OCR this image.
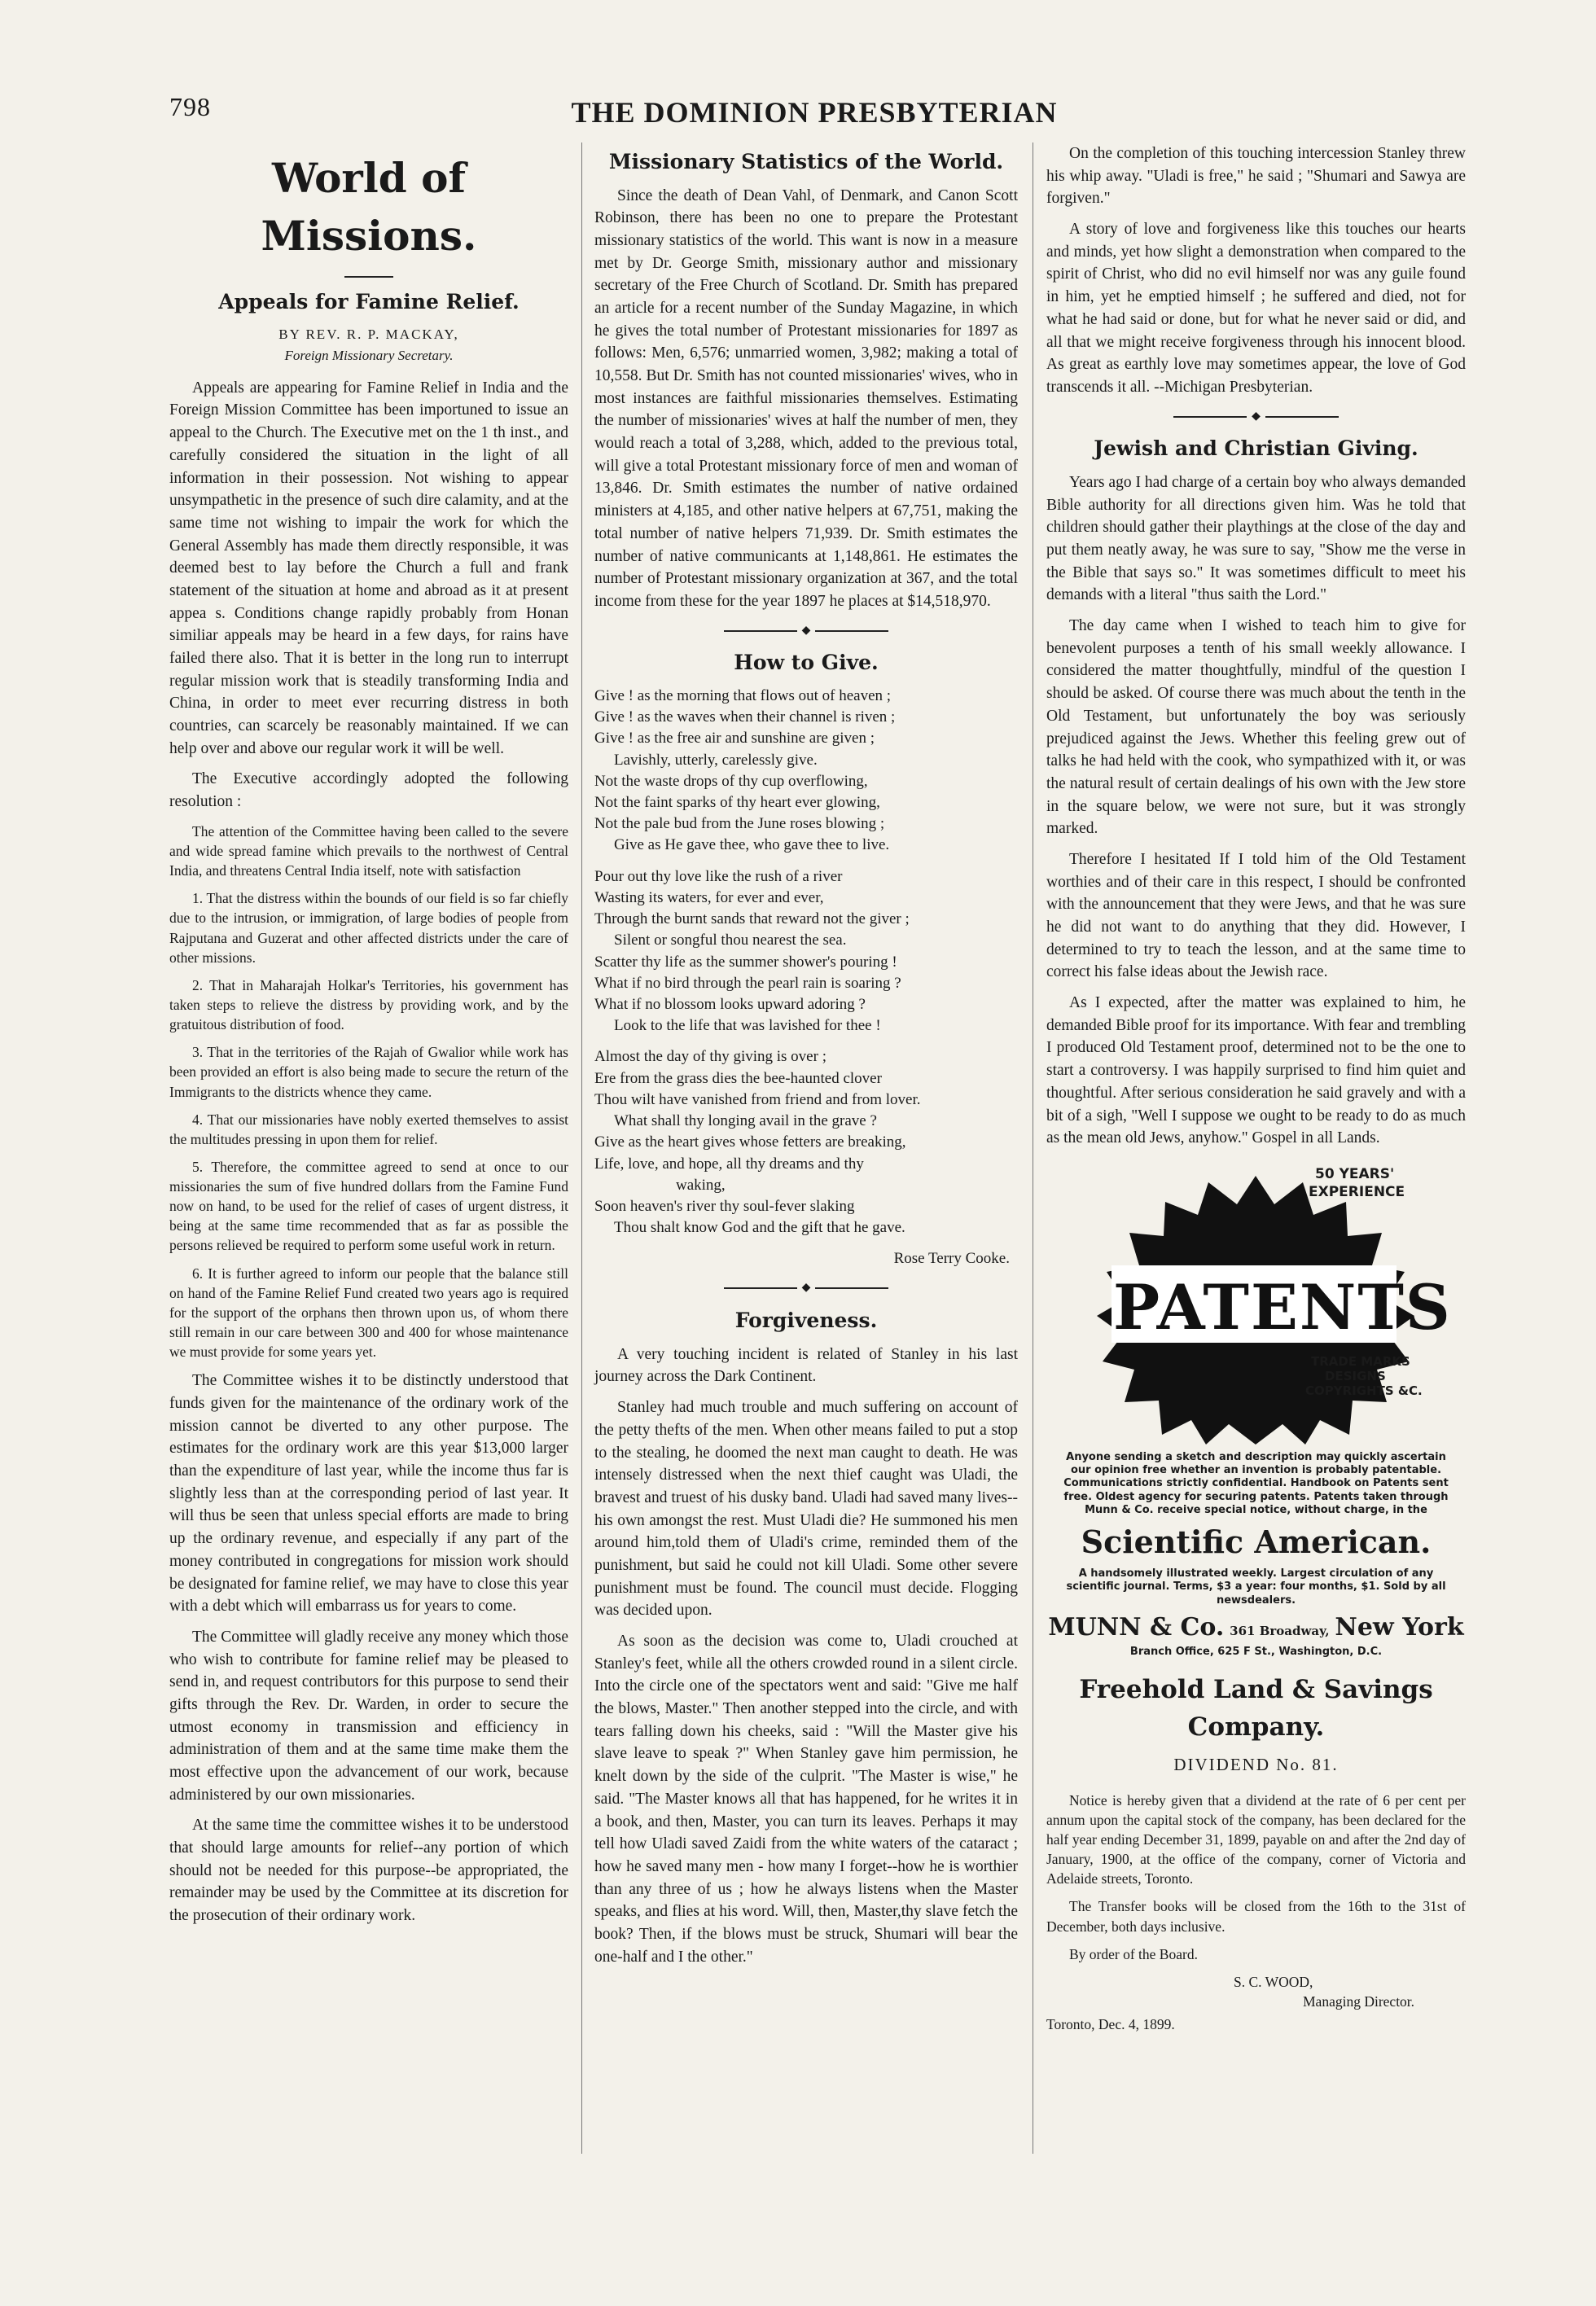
798	THE DOMINION PRESBYTERIAN
World of Missions.
Appeals for Famine Relief.
BY REV. R. P. MACKAY,
Foreign Missionary Secretary.

Appeals are appearing for Famine Relief in India and the Foreign Mission Committee has been importuned to issue an appeal to the Church. The Executive met on the 1 th inst., and carefully considered the situation in the light of all information in their possession. Not wishing to appear unsympathetic in the presence of such dire calamity, and at the same time not wishing to impair the work for which the General Assembly has made them directly responsible, it was deemed best to lay before the Church a full and frank statement of the situation at home and abroad as it at present appea s. Conditions change rapidly probably from Honan similiar appeals may be heard in a few days, for rains have failed there also. That it is better in the long run to interrupt regular mission work that is steadily transforming India and China, in order to meet ever recurring distress in both countries, can scarcely be reasonably maintained. If we can help over and above our regular work it will be well.

The Executive accordingly adopted the following resolution :

The attention of the Committee having been called to the severe and wide spread famine which prevails to the northwest of Central India, and threatens Central India itself, note with satisfaction

1. That the distress within the bounds of our field is so far chiefly due to the intrusion, or immigration, of large bodies of people from Rajputana and Guzerat and other affected districts under the care of other missions.

2. That in Maharajah Holkar's Territories, his government has taken steps to relieve the distress by providing work, and by the gratuitous distribution of food.

3. That in the territories of the Rajah of Gwalior while work has been provided an effort is also being made to secure the return of the Immigrants to the districts whence they came.

4. That our missionaries have nobly exerted themselves to assist the multitudes pressing in upon them for relief.

5. Therefore, the committee agreed to send at once to our missionaries the sum of five hundred dollars from the Famine Fund now on hand, to be used for the relief of cases of urgent distress, it being at the same time recommended that as far as possible the persons relieved be required to perform some useful work in return.

6. It is further agreed to inform our people that the balance still on hand of the Famine Relief Fund created two years ago is required for the support of the orphans then thrown upon us, of whom there still remain in our care between 300 and 400 for whose maintenance we must provide for some years yet.

The Committee wishes it to be distinctly understood that funds given for the maintenance of the ordinary work of the mission cannot be diverted to any other purpose. The estimates for the ordinary work are this year $13,000 larger than the expenditure of last year, while the income thus far is slightly less than at the corresponding period of last year. It will thus be seen that unless special efforts are made to bring up the ordinary revenue, and especially if any part of the money contributed in congregations for mission work should be designated for famine relief, we may have to close this year with a debt which will embarrass us for years to come.

The Committee will gladly receive any money which those who wish to contribute for famine relief may be pleased to send in, and request contributors for this purpose to send their gifts through the Rev. Dr. Warden, in order to secure the utmost economy in transmission and efficiency in administration of them and at the same time make them the most effective upon the advancement of our work, because administered by our own missionaries.

At the same time the committee wishes it to be understood that should large amounts for relief--any portion of which should not be needed for this purpose--be appropriated, the remainder may be used by the Committee at its discretion for the prosecution of their ordinary work.

Missionary Statistics of the World.

Since the death of Dean Vahl, of Denmark, and Canon Scott Robinson, there has been no one to prepare the Protestant missionary statistics of the world. This want is now in a measure met by Dr. George Smith, missionary author and missionary secretary of the Free Church of Scotland. Dr. Smith has prepared an article for a recent number of the Sunday Magazine, in which he gives the total number of Protestant missionaries for 1897 as follows: Men, 6,576; unmarried women, 3,982; making a total of 10,558. But Dr. Smith has not counted missionaries' wives, who in most instances are faithful missionaries themselves. Estimating the number of missionaries' wives at half the number of men, they would reach a total of 3,288, which, added to the previous total, will give a total Protestant missionary force of men and woman of 13,846. Dr. Smith estimates the number of native ordained ministers at 4,185, and other native helpers at 67,751, making the total number of native helpers 71,939. Dr. Smith estimates the number of native communicants at 1,148,861. He estimates the number of Protestant missionary organization at 367, and the total income from these for the year 1897 he places at $14,518,970.

◆
How to Give.
Give ! as the morning that flows out of heaven ;
Give ! as the waves when their channel is riven ;
Give ! as the free air and sunshine are given ;
Lavishly, utterly, carelessly give.
Not the waste drops of thy cup overflowing,
Not the faint sparks of thy heart ever glowing,
Not the pale bud from the June roses blowing ;
Give as He gave thee, who gave thee to live.
Pour out thy love like the rush of a river
Wasting its waters, for ever and ever,
Through the burnt sands that reward not the giver ;
Silent or songful thou nearest the sea.
Scatter thy life as the summer shower's pouring !
What if no bird through the pearl rain is soaring ?
What if no blossom looks upward adoring ?
Look to the life that was lavished for thee !
Almost the day of thy giving is over ;
Ere from the grass dies the bee-haunted clover
Thou wilt have vanished from friend and from lover.
What shall thy longing avail in the grave ?
Give as the heart gives whose fetters are breaking,
Life, love, and hope, all thy dreams and thy
waking,
Soon heaven's river thy soul-fever slaking
Thou shalt know God and the gift that he gave.
Rose Terry Cooke.
◆
Forgiveness.

A very touching incident is related of Stanley in his last journey across the Dark Continent.

Stanley had much trouble and much suffering on account of the petty thefts of the men. When other means failed to put a stop to the stealing, he doomed the next man caught to death. He was intensely distressed when the next thief caught was Uladi, the bravest and truest of his dusky band. Uladi had saved many lives--his own amongst the rest. Must Uladi die? He summoned his men around him,told them of Uladi's crime, reminded them of the punishment, but said he could not kill Uladi. Some other severe punishment must be found. The council must decide. Flogging was decided upon.

As soon as the decision was come to, Uladi crouched at Stanley's feet, while all the others crowded round in a silent circle. Into the circle one of the spectators went and said: "Give me half the blows, Master." Then another stepped into the circle, and with tears falling down his cheeks, said : "Will the Master give his slave leave to speak ?" When Stanley gave him permission, he knelt down by the side of the culprit. "The Master is wise," he said. "The Master knows all that has happened, for he writes it in a book, and then, Master, you can turn its leaves. Perhaps it may tell how Uladi saved Zaidi from the white waters of the cataract ; how he saved many men - how many I forget--how he is worthier than any three of us ; how he always listens when the Master speaks, and flies at his word. Will, then, Master,thy slave fetch the book? Then, if the blows must be struck, Shumari will bear the one-half and I the other."

On the completion of this touching intercession Stanley threw his whip away. "Uladi is free," he said ; "Shumari and Sawya are forgiven."

A story of love and forgiveness like this touches our hearts and minds, yet how slight a demonstration when compared to the spirit of Christ, who did no evil himself nor was any guile found in him, yet he emptied himself ; he suffered and died, not for what he had said or done, but for what he never said or did, and all that we might receive forgiveness through his innocent blood. As great as earthly love may sometimes appear, the love of God transcends it all. --Michigan Presbyterian.

◆
Jewish and Christian Giving.

Years ago I had charge of a certain boy who always demanded Bible authority for all directions given him. Was he told that children should gather their playthings at the close of the day and put them neatly away, he was sure to say, "Show me the verse in the Bible that says so." It was sometimes difficult to meet his demands with a literal "thus saith the Lord."

The day came when I wished to teach him to give for benevolent purposes a tenth of his small weekly allowance. I considered the matter thoughtfully, mindful of the question I should be asked. Of course there was much about the tenth in the Old Testament, but unfortunately the boy was seriously prejudiced against the Jews. Whether this feeling grew out of talks he had held with the cook, who sympathized with it, or was the natural result of certain dealings of his own with the Jew store in the square below, we were not sure, but it was strongly marked.

Therefore I hesitated If I told him of the Old Testament worthies and of their care in this respect, I should be confronted with the announcement that they were Jews, and that he was sure he did not want to do anything that they did. However, I determined to try to teach the lesson, and at the same time to correct his false ideas about the Jewish race.

As I expected, after the matter was explained to him, he demanded Bible proof for its importance. With fear and trembling I produced Old Testament proof, determined not to be the one to start a controversy. I was happily surprised to find him quiet and thoughtful. After serious consideration he said gravely and with a bit of a sigh, "Well I suppose we ought to be ready to do as much as the mean old Jews, anyhow." Gospel in all Lands.

50 YEARS'
EXPERIENCE
PATENTS
TRADE MARKS
DESIGNS
COPYRIGHTS &C.
Anyone sending a sketch and description may quickly ascertain our opinion free whether an invention is probably patentable. Communications strictly confidential. Handbook on Patents sent free. Oldest agency for securing patents. Patents taken through Munn & Co. receive special notice, without charge, in the
Scientific American.
A handsomely illustrated weekly. Largest circulation of any scientific journal. Terms, $3 a year: four months, $1. Sold by all newsdealers.
MUNN & Co. 361 Broadway, New York
Branch Office, 625 F St., Washington, D.C.
Freehold Land & Savings
Company.
DIVIDEND No. 81.

Notice is hereby given that a dividend at the rate of 6 per cent per annum upon the capital stock of the company, has been declared for the half year ending December 31, 1899, payable on and after the 2nd day of January, 1900, at the office of the company, corner of Victoria and Adelaide streets, Toronto.

The Transfer books will be closed from the 16th to the 31st of December, both days inclusive.

By order of the Board.

S. C. WOOD,
Managing Director.
Toronto, Dec. 4, 1899.
